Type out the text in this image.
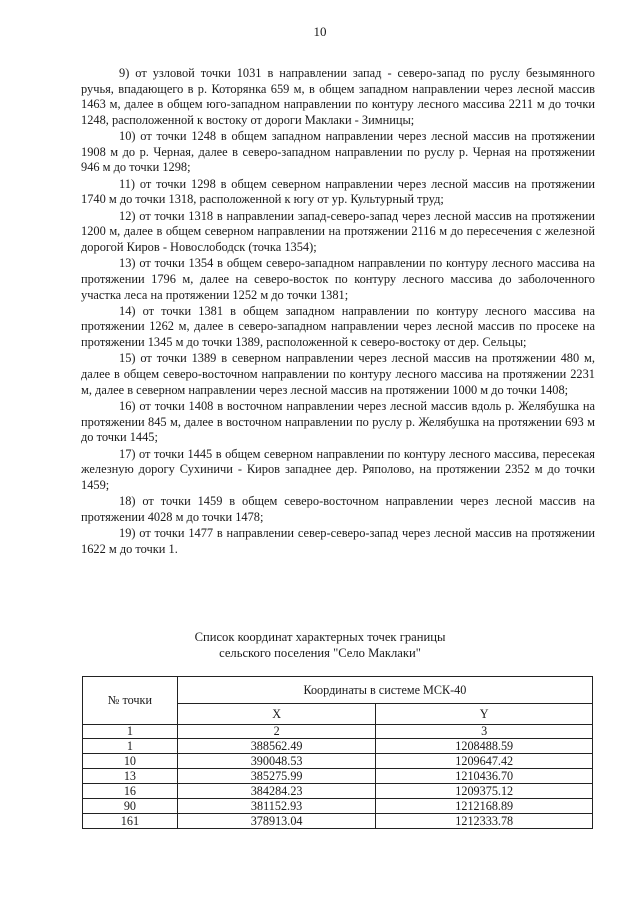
10

9) от узловой точки 1031 в направлении запад - северо-запад по руслу безымянного ручья, впадающего в р. Которянка 659 м, в общем западном направлении через лесной массив 1463 м, далее в общем юго-западном направлении по контуру лесного массива 2211 м до точки 1248, расположенной к востоку от дороги Маклаки - Зимницы;

10) от точки 1248 в общем западном направлении через лесной массив на протяжении 1908 м до р. Черная, далее в северо-западном направлении по руслу р. Черная на протяжении 946 м до точки 1298;

11) от точки 1298 в общем северном направлении через лесной массив на протяжении 1740 м до точки 1318, расположенной к югу от ур. Культурный труд;

12) от точки 1318 в направлении запад-северо-запад через лесной массив на протяжении 1200 м, далее в общем северном направлении на протяжении 2116 м до пересечения с железной дорогой Киров - Новослободск (точка 1354);

13) от точки 1354 в общем северо-западном направлении по контуру лесного массива на протяжении 1796 м, далее на северо-восток по контуру лесного массива до заболоченного участка леса на протяжении 1252 м до точки 1381;

14) от точки 1381 в общем западном направлении по контуру лесного массива на протяжении 1262 м, далее в северо-западном направлении через лесной массив по просеке на протяжении 1345 м до точки 1389, расположенной к северо-востоку от дер. Сельцы;

15) от точки 1389 в северном направлении через лесной массив на протяжении 480 м, далее в общем северо-восточном направлении по контуру лесного массива на протяжении 2231 м, далее в северном направлении через лесной массив на протяжении 1000 м до точки 1408;

16) от точки 1408 в восточном направлении через лесной массив вдоль р. Желябушка на протяжении 845 м, далее в восточном направлении по руслу р. Желябушка на протяжении 693 м до точки 1445;

17) от точки 1445 в общем северном направлении по контуру лесного массива, пересекая железную дорогу Сухиничи - Киров западнее дер. Ряполово, на протяжении 2352 м до точки 1459;

18) от точки 1459 в общем северо-восточном направлении через лесной массив на протяжении 4028 м до точки 1478;

19) от точки 1477 в направлении север-северо-запад через лесной массив на протяжении 1622 м до точки 1.

Список координат характерных точек границы
сельского поселения "Село Маклаки"
№ точки	Координаты в системе МСК-40	
	X	Y
1	2	3
1	388562.49	1208488.59
10	390048.53	1209647.42
13	385275.99	1210436.70
16	384284.23	1209375.12
90	381152.93	1212168.89
161	378913.04	1212333.78
